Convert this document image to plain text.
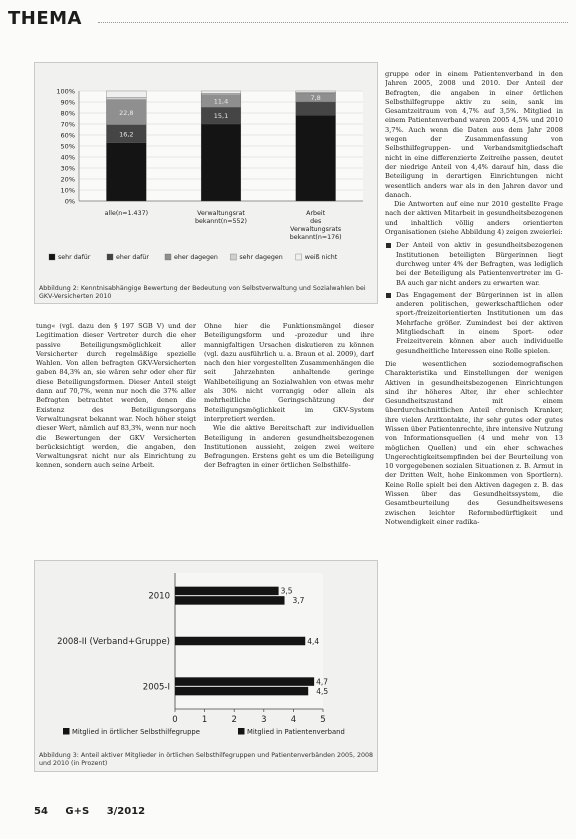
THEMA
0%
10%
20%
30%
40%
50%
60%
70%
80%
90%
100%
16,2
22,8
alle(n=1.437)
15,1
11,4
Verwaltungsrat
bekannt(n=552)
7,8
Arbeit
des
Verwaltungsrats
bekannt(n=176)
sehr dafür	eher dafür	eher dagegen	sehr dagegen	weiß nicht
Abbildung 2: Kenntnisabhängige Bewertung der Bedeutung von Selbstverwaltung und Sozialwahlen bei GKV-Versicherten 2010
0	1	2	3	4	5
2010
3,5
3,7
2008-II (Verband+Gruppe)	4,4
2005-I
4,7
4,5
Mitglied in örtlicher Selbsthilfegruppe	Mitglied in Patientenverband
Abbildung 3: Anteil aktiver Mitglieder in örtlichen Selbsthilfegruppen und Patientenverbänden 2005, 2008 und 2010 (in Prozent)

tung« (vgl. dazu den § 197 SGB V) und der Legitimation dieser Vertreter durch die eher passive Beteiligungsmöglichkeit aller Versicherter durch regelmäßige spezielle Wahlen. Von allen befragten GKV-Versicherten gaben 84,3% an, sie wären sehr oder eher für diese Beteiligungsformen. Dieser Anteil steigt dann auf 70,7%, wenn nur noch die 37% aller Befragten betrachtet werden, denen die Existenz des Beteiligungsorgans Verwaltungsrat bekannt war. Noch höher steigt dieser Wert, nämlich auf 83,3%, wenn nur noch die Bewertungen der GKV Versicherten berücksichtigt werden, die angaben, den Verwaltungsrat nicht nur als Einrichtung zu kennen, sondern auch seine Arbeit.

Ohne hier die Funktionsmängel dieser Beteiligungsform und -prozedur und ihre mannigfaltigen Ursachen diskutieren zu können (vgl. dazu ausführlich u. a. Braun et al. 2009), darf nach den hier vorgestellten Zusammenhängen die seit Jahrzehnten anhaltende geringe Wahlbeteiligung an Sozialwahlen von etwas mehr als 30% nicht vorrangig oder allein als mehrheitliche Geringschätzung der Beteiligungsmöglichkeit im GKV-System interpretiert werden.

Wie die aktive Bereitschaft zur individuellen Beteiligung in anderen gesundheitsbezogenen Institutionen aussieht, zeigen zwei weitere Befragungen. Erstens geht es um die Beteiligung der Befragten in einer örtlichen Selbsthilfe-

gruppe oder in einem Patientenverband in den Jahren 2005, 2008 und 2010. Der Anteil der Befragten, die angaben in einer örtlichen Selbsthilfegruppe aktiv zu sein, sank im Gesamtzeitraum von 4,7% auf 3,5%. Mitglied in einem Patientenverband waren 2005 4,5% und 2010 3,7%. Auch wenn die Daten aus dem Jahr 2008 wegen der Zusammenfassung von Selbsthilfegruppen- und Verbandsmitgliedschaft nicht in eine differenzierte Zeitreihe passen, deutet der niedrige Anteil von 4,4% darauf hin, dass die Beteiligung in derartigen Einrichtungen nicht wesentlich anders war als in den Jahren davor und danach.

Die Antworten auf eine nur 2010 gestellte Frage nach der aktiven Mitarbeit in gesundheitsbezogenen und inhaltlich völlig anders orientierten Organisationen (siehe Abbildung 4) zeigen zweierlei:

Der Anteil von aktiv in gesundheitsbezogenen Institutionen beteiligten Bürgerinnen liegt durchweg unter 4% der Befragten, was lediglich bei der Beteiligung als Patientenvertreter im G-BA auch gar nicht anders zu erwarten war.
Das Engagement der Bürgerinnen ist in allen anderen politischen, gewerkschaftlichen oder sport-/freizeitorientierten Institutionen um das Mehrfache größer. Zumindest bei der aktiven Mitgliedschaft in einem Sport- oder Freizeitverein können aber auch individuelle gesundheitliche Interessen eine Rolle spielen.

Die wesentlichen soziodemografischen Charakteristika und Einstellungen der wenigen Aktiven in gesundheitsbezogenen Einrichtungen sind ihr höheres Alter, ihr eher schlechter Gesundheitszustand mit einem überdurchschnittlichen Anteil chronisch Kranker, ihre vielen Arztkontakte, ihr sehr gutes oder gutes Wissen über Patientenrechte, ihre intensive Nutzung von Informationsquellen (4 und mehr von 13 möglichen Quellen) und ein eher schwaches Ungerechtigkeitsempfinden bei der Beurteilung von 10 vorgegebenen sozialen Situationen z. B. Armut in der Dritten Welt, hohe Einkommen von Sportlern). Keine Rolle spielt bei den Aktiven dagegen z. B. das Wissen über das Gesundheitssystem, die Gesamtbeurteilung des Gesundheitswesens zwischen leichter Reformbedürftigkeit und Notwendigkeit einer radika-

54 G+S 3/2012
